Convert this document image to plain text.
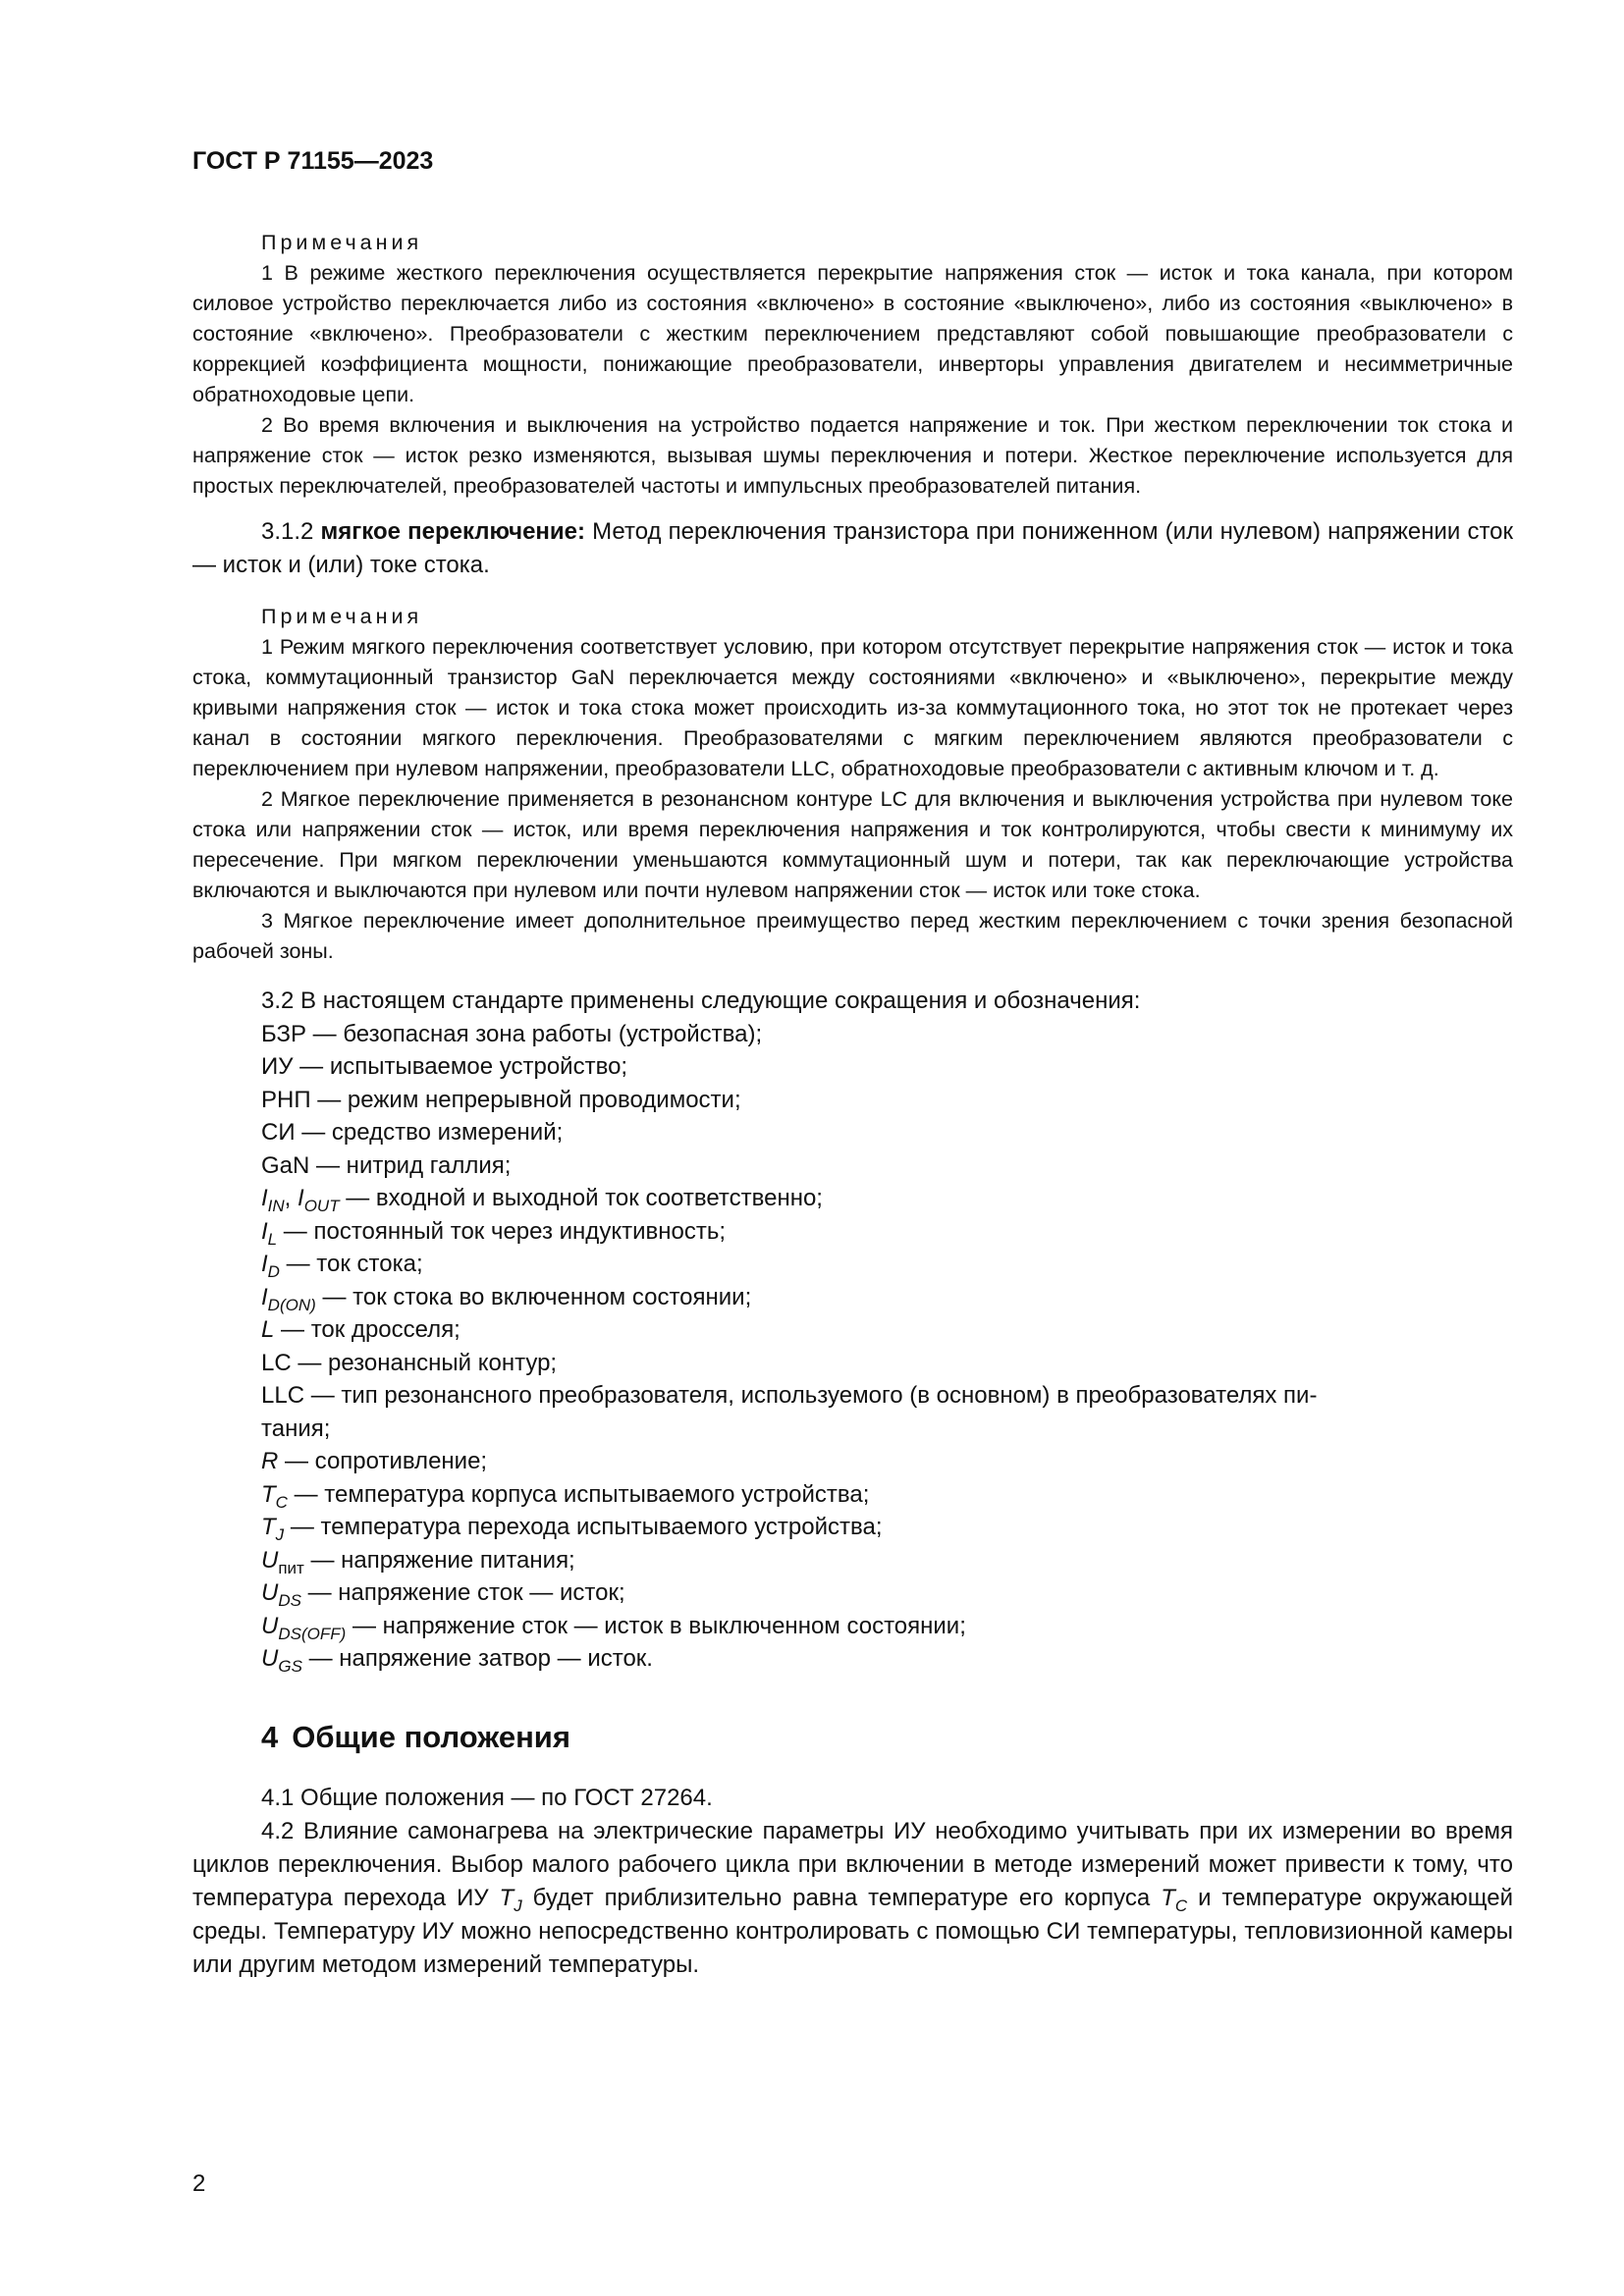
ГОСТ Р 71155—2023
Примечания

1 В режиме жесткого переключения осуществляется перекрытие напряжения сток — исток и тока канала, при котором силовое устройство переключается либо из состояния «включено» в состояние «выключено», либо из состояния «выключено» в состояние «включено». Преобразователи с жестким переключением представляют собой повышающие преобразователи с коррекцией коэффициента мощности, понижающие преобразователи, инверторы управления двигателем и несимметричные обратноходовые цепи.

2 Во время включения и выключения на устройство подается напряжение и ток. При жестком переключении ток стока и напряжение сток — исток резко изменяются, вызывая шумы переключения и потери. Жесткое переключение используется для простых переключателей, преобразователей частоты и импульсных преобразователей питания.

3.1.2 мягкое переключение: Метод переключения транзистора при пониженном (или нулевом) напряжении сток — исток и (или) токе стока.

Примечания

1 Режим мягкого переключения соответствует условию, при котором отсутствует перекрытие напряжения сток — исток и тока стока, коммутационный транзистор GaN переключается между состояниями «включено» и «выключено», перекрытие между кривыми напряжения сток — исток и тока стока может происходить из-за коммутационного тока, но этот ток не протекает через канал в состоянии мягкого переключения. Преобразователями с мягким переключением являются преобразователи с переключением при нулевом напряжении, преобразователи LLC, обратноходовые преобразователи с активным ключом и т. д.

2 Мягкое переключение применяется в резонансном контуре LC для включения и выключения устройства при нулевом токе стока или напряжении сток — исток, или время переключения напряжения и ток контролируются, чтобы свести к минимуму их пересечение. При мягком переключении уменьшаются коммутационный шум и потери, так как переключающие устройства включаются и выключаются при нулевом или почти нулевом напряжении сток — исток или токе стока.

3 Мягкое переключение имеет дополнительное преимущество перед жестким переключением с точки зрения безопасной рабочей зоны.

3.2 В настоящем стандарте применены следующие сокращения и обозначения:
БЗР — безопасная зона работы (устройства);
ИУ — испытываемое устройство;
РНП — режим непрерывной проводимости;
СИ — средство измерений;
GaN — нитрид галлия;
$I_{IN}$, $I_{OUT}$ — входной и выходной ток соответственно;
$I_L$ — постоянный ток через индуктивность;
$I_D$ — ток стока;
$I_{D(ON)}$ — ток стока во включенном состоянии;
L — ток дросселя;
LC — резонансный контур;
LLC — тип резонансного преобразователя, используемого (в основном) в преобразователях пи-
тания;
R — сопротивление;
$T_C$ — температура корпуса испытываемого устройства;
$T_J$ — температура перехода испытываемого устройства;
$U_{пит}$ — напряжение питания;
$U_{DS}$ — напряжение сток — исток;
$U_{DS(OFF)}$ — напряжение сток — исток в выключенном состоянии;
$U_{GS}$ — напряжение затвор — исток.
4 Общие положения

4.1 Общие положения — по ГОСТ 27264.

4.2 Влияние самонагрева на электрические параметры ИУ необходимо учитывать при их измерении во время циклов переключения. Выбор малого рабочего цикла при включении в методе измерений может привести к тому, что температура перехода ИУ $T_J$ будет приблизительно равна температуре его корпуса $T_C$ и температуре окружающей среды. Температуру ИУ можно непосредственно контролировать с помощью СИ температуры, тепловизионной камеры или другим методом измерений температуры.

2
